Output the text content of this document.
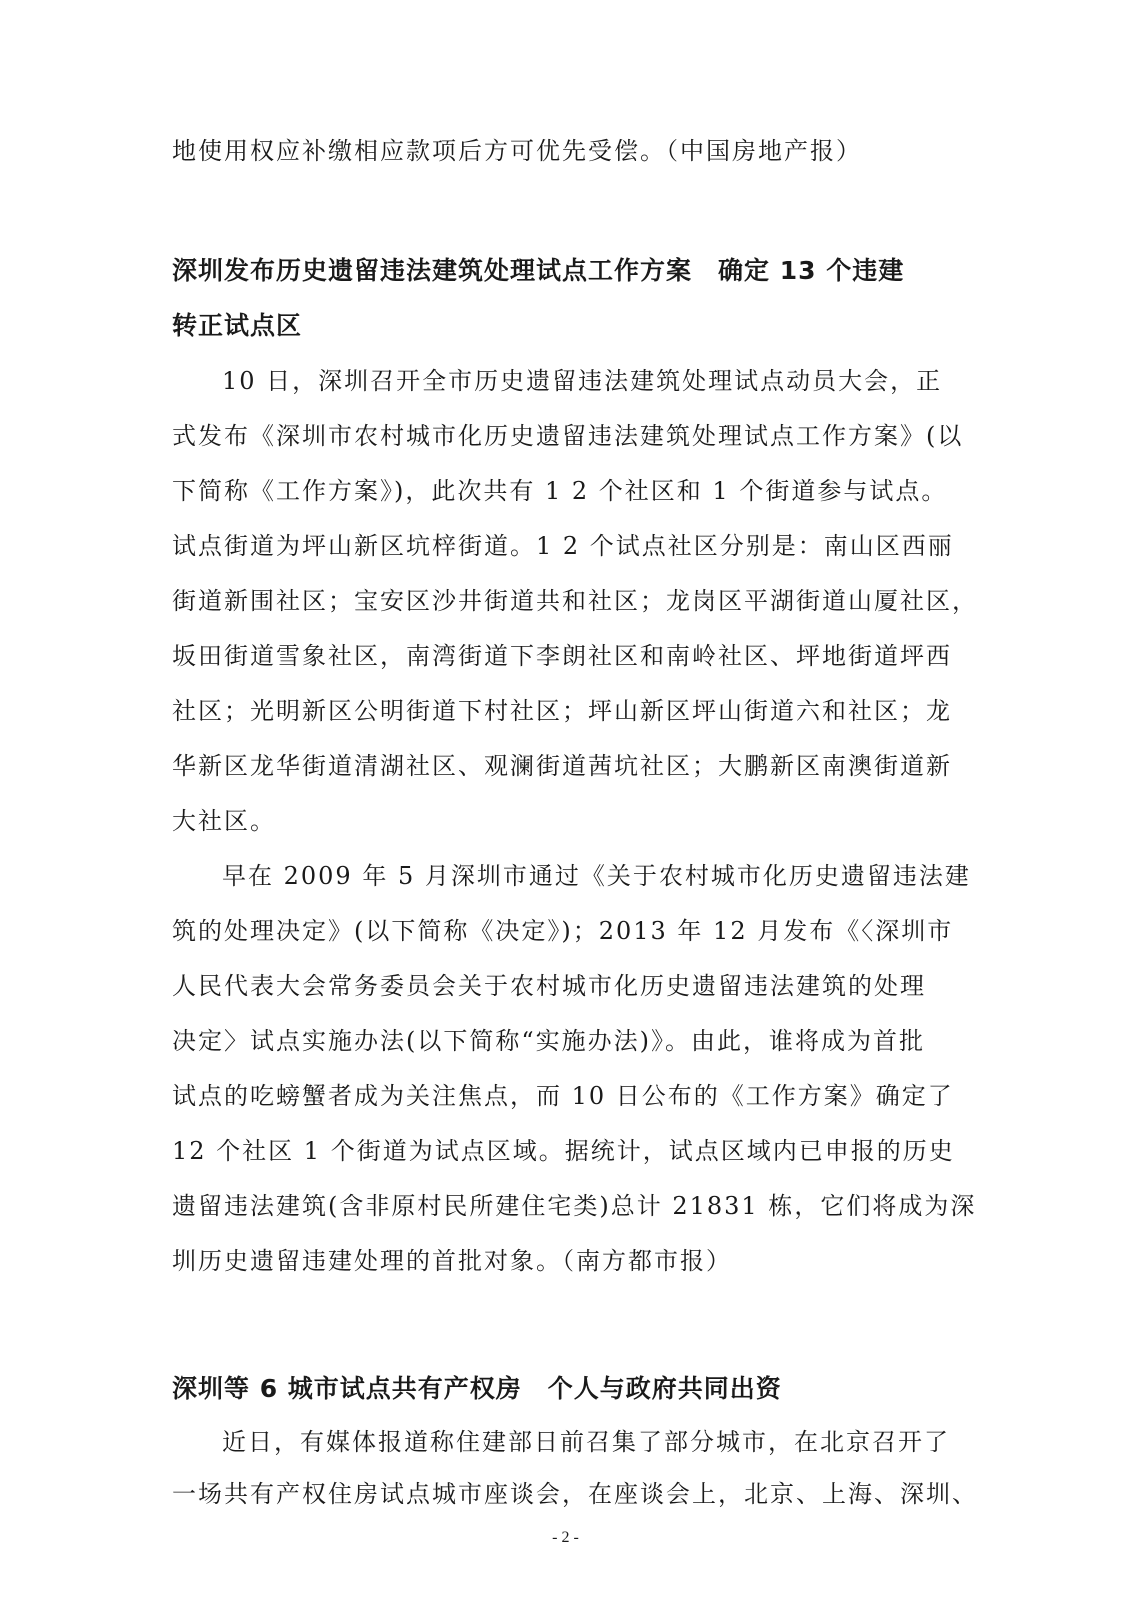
地使用权应补缴相应款项后方可优先受偿。（中国房地产报）
深圳发布历史遗留违法建筑处理试点工作方案　确定 13 个违建
转正试点区
10 日，深圳召开全市历史遗留违法建筑处理试点动员大会，正
式发布《深圳市农村城市化历史遗留违法建筑处理试点工作方案》(以
下简称《工作方案》)，此次共有 1 2 个社区和 1 个街道参与试点。
试点街道为坪山新区坑梓街道。1 2 个试点社区分别是：南山区西丽
街道新围社区；宝安区沙井街道共和社区；龙岗区平湖街道山厦社区，
坂田街道雪象社区，南湾街道下李朗社区和南岭社区、坪地街道坪西
社区；光明新区公明街道下村社区；坪山新区坪山街道六和社区；龙
华新区龙华街道清湖社区、观澜街道茜坑社区；大鹏新区南澳街道新
大社区。
早在 2009 年 5 月深圳市通过《关于农村城市化历史遗留违法建
筑的处理决定》(以下简称《决定》)；2013 年 12 月发布《〈深圳市
人民代表大会常务委员会关于农村城市化历史遗留违法建筑的处理
决定〉试点实施办法(以下简称“实施办法)》。由此，谁将成为首批
试点的吃螃蟹者成为关注焦点，而 10 日公布的《工作方案》确定了
12 个社区 1 个街道为试点区域。据统计，试点区域内已申报的历史
遗留违法建筑(含非原村民所建住宅类)总计 21831 栋，它们将成为深
圳历史遗留违建处理的首批对象。（南方都市报）
深圳等 6 城市试点共有产权房　个人与政府共同出资
近日，有媒体报道称住建部日前召集了部分城市，在北京召开了
一场共有产权住房试点城市座谈会，在座谈会上，北京、上海、深圳、
- 2 -
